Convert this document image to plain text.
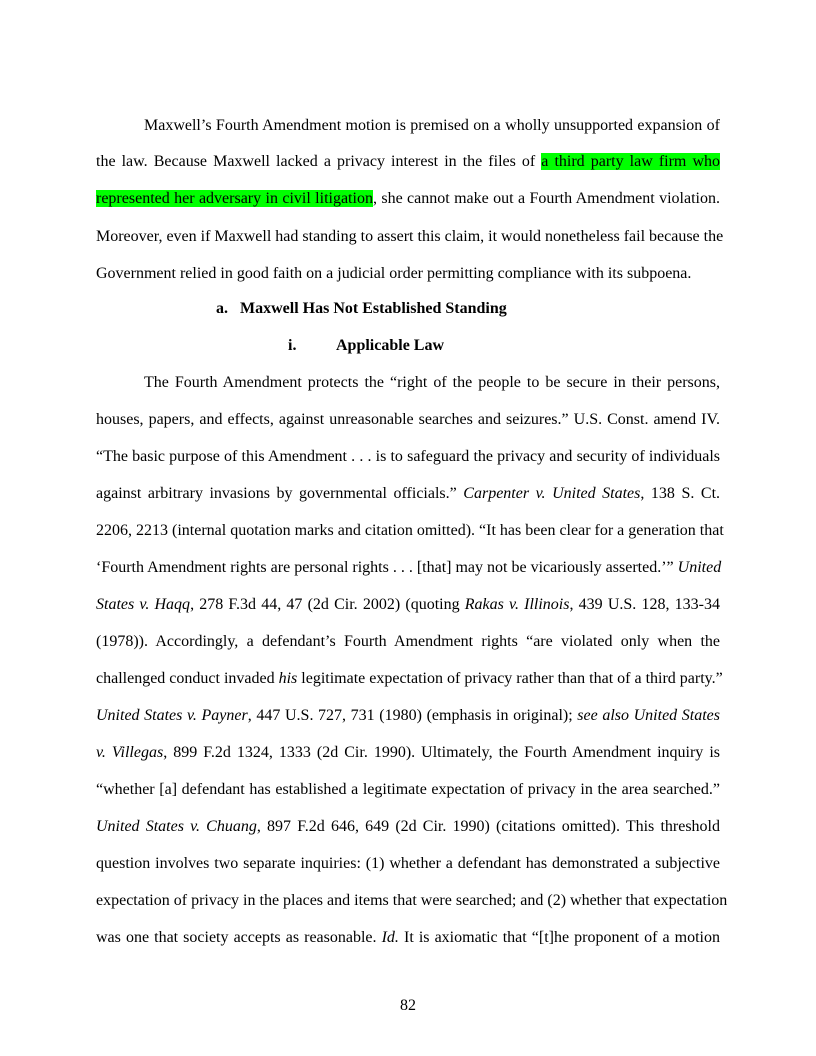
Maxwell’s Fourth Amendment motion is premised on a wholly unsupported expansion of
the law. Because Maxwell lacked a privacy interest in the files of a third party law firm who
represented her adversary in civil litigation, she cannot make out a Fourth Amendment violation.
Moreover, even if Maxwell had standing to assert this claim, it would nonetheless fail because the
Government relied in good faith on a judicial order permitting compliance with its subpoena.
a. Maxwell Has Not Established Standing
i. Applicable Law
The Fourth Amendment protects the “right of the people to be secure in their persons,
houses, papers, and effects, against unreasonable searches and seizures.” U.S. Const. amend IV.
“The basic purpose of this Amendment . . . is to safeguard the privacy and security of individuals
against arbitrary invasions by governmental officials.” Carpenter v. United States, 138 S. Ct.
2206, 2213 (internal quotation marks and citation omitted). “It has been clear for a generation that
‘Fourth Amendment rights are personal rights . . . [that] may not be vicariously asserted.’” United
States v. Haqq, 278 F.3d 44, 47 (2d Cir. 2002) (quoting Rakas v. Illinois, 439 U.S. 128, 133-34
(1978)). Accordingly, a defendant’s Fourth Amendment rights “are violated only when the
challenged conduct invaded his legitimate expectation of privacy rather than that of a third party.”
United States v. Payner, 447 U.S. 727, 731 (1980) (emphasis in original); see also United States
v. Villegas, 899 F.2d 1324, 1333 (2d Cir. 1990). Ultimately, the Fourth Amendment inquiry is
“whether [a] defendant has established a legitimate expectation of privacy in the area searched.”
United States v. Chuang, 897 F.2d 646, 649 (2d Cir. 1990) (citations omitted). This threshold
question involves two separate inquiries: (1) whether a defendant has demonstrated a subjective
expectation of privacy in the places and items that were searched; and (2) whether that expectation
was one that society accepts as reasonable. Id. It is axiomatic that “[t]he proponent of a motion
82
